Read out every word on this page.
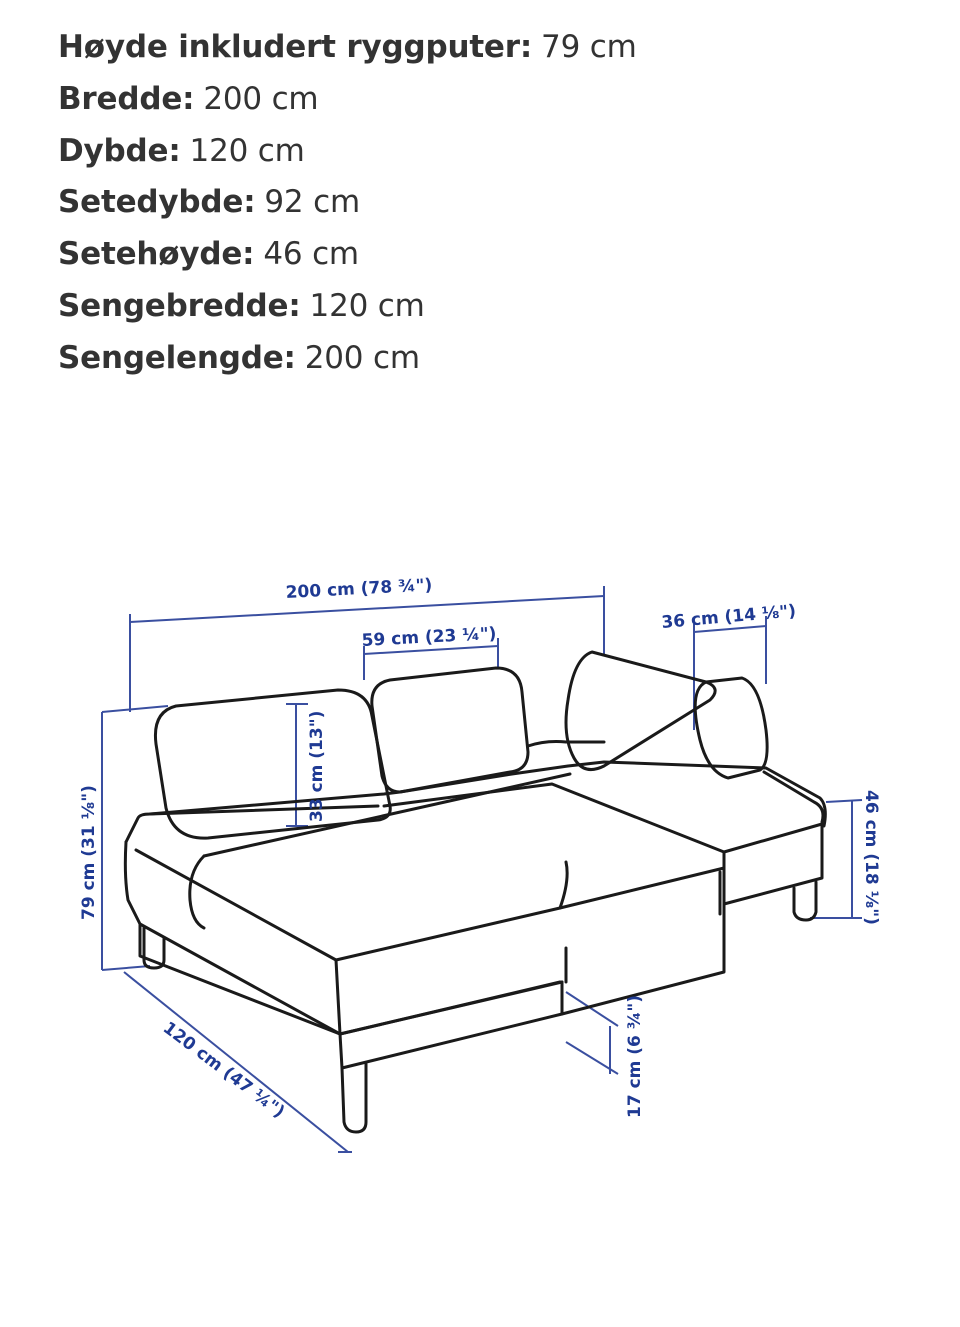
Høyde inkludert ryggputer: 79 cm
Bredde: 200 cm
Dybde: 120 cm
Setedybde: 92 cm
Setehøyde: 46 cm
Sengebredde: 120 cm
Sengelengde: 200 cm
200 cm (78 ¾")
59 cm (23 ¼")
36 cm (14 ⅛")
33 cm (13")
79 cm (31 ⅛")	46 cm (18 ⅛")
120 cm (47 ¼")	17 cm (6 ¾")
